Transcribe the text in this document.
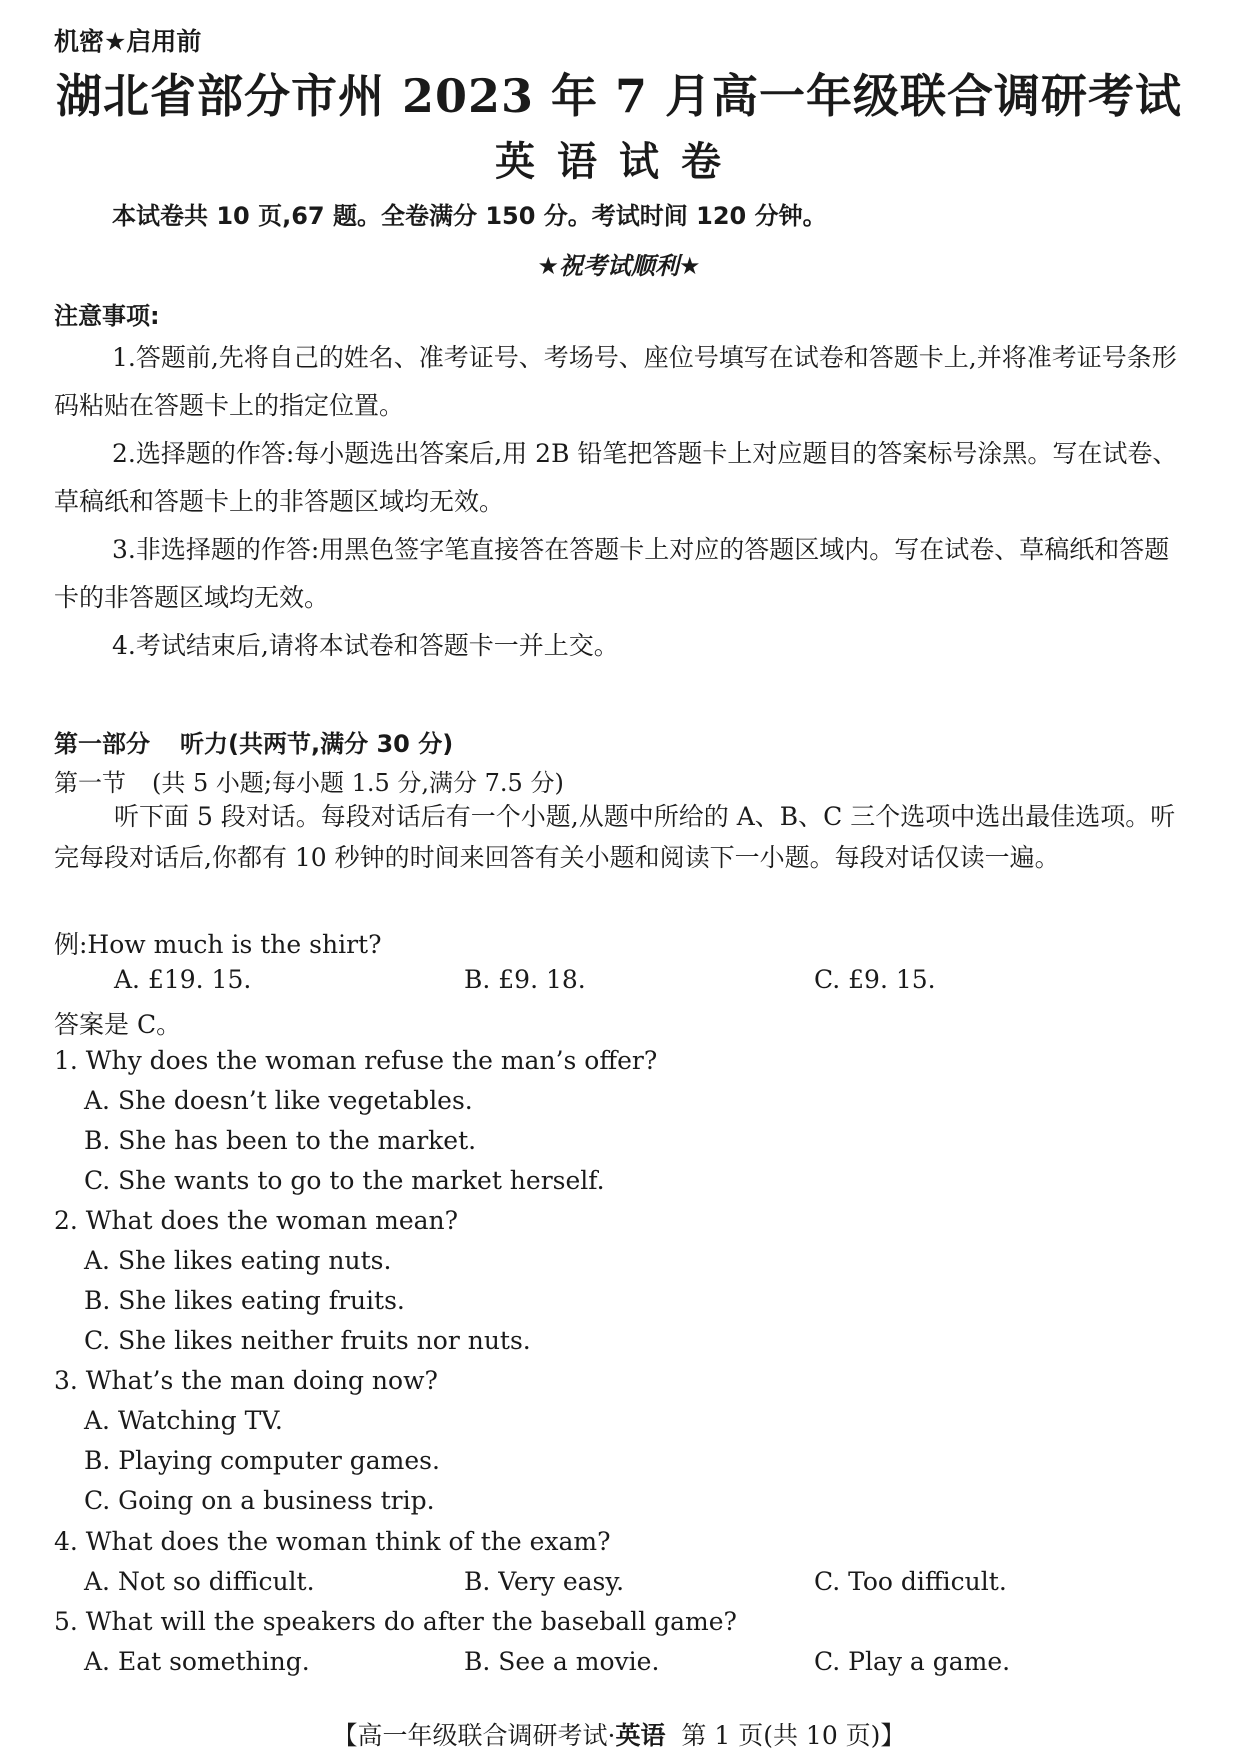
机密★启用前
湖北省部分市州 2023 年 7 月高一年级联合调研考试
英语试卷
本试卷共 10 页,67 题。全卷满分 150 分。考试时间 120 分钟。
★祝考试顺利★
注意事项:
1.答题前,先将自己的姓名、准考证号、考场号、座位号填写在试卷和答题卡上,并将准考证号条形码粘贴在答题卡上的指定位置。
2.选择题的作答:每小题选出答案后,用 2B 铅笔把答题卡上对应题目的答案标号涂黑。写在试卷、草稿纸和答题卡上的非答题区域均无效。
3.非选择题的作答:用黑色签字笔直接答在答题卡上对应的答题区域内。写在试卷、草稿纸和答题卡的非答题区域均无效。
4.考试结束后,请将本试卷和答题卡一并上交。
第一部分 听力(共两节,满分 30 分)
第一节 (共 5 小题;每小题 1.5 分,满分 7.5 分)
听下面 5 段对话。每段对话后有一个小题,从题中所给的 A、B、C 三个选项中选出最佳选项。听完每段对话后,你都有 10 秒钟的时间来回答有关小题和阅读下一小题。每段对话仅读一遍。
例:How much is the shirt?
A. £19. 15.	B. £9. 18.	C. £9. 15.
答案是 C。
1. Why does the woman refuse the man’s offer?
A. She doesn’t like vegetables.
B. She has been to the market.
C. She wants to go to the market herself.
2. What does the woman mean?
A. She likes eating nuts.
B. She likes eating fruits.
C. She likes neither fruits nor nuts.
3. What’s the man doing now?
A. Watching TV.
B. Playing computer games.
C. Going on a business trip.
4. What does the woman think of the exam?
A. Not so difficult.	B. Very easy.	C. Too difficult.
5. What will the speakers do after the baseball game?
A. Eat something.	B. See a movie.	C. Play a game.
【高一年级联合调研考试·英语 第 1 页(共 10 页)】
